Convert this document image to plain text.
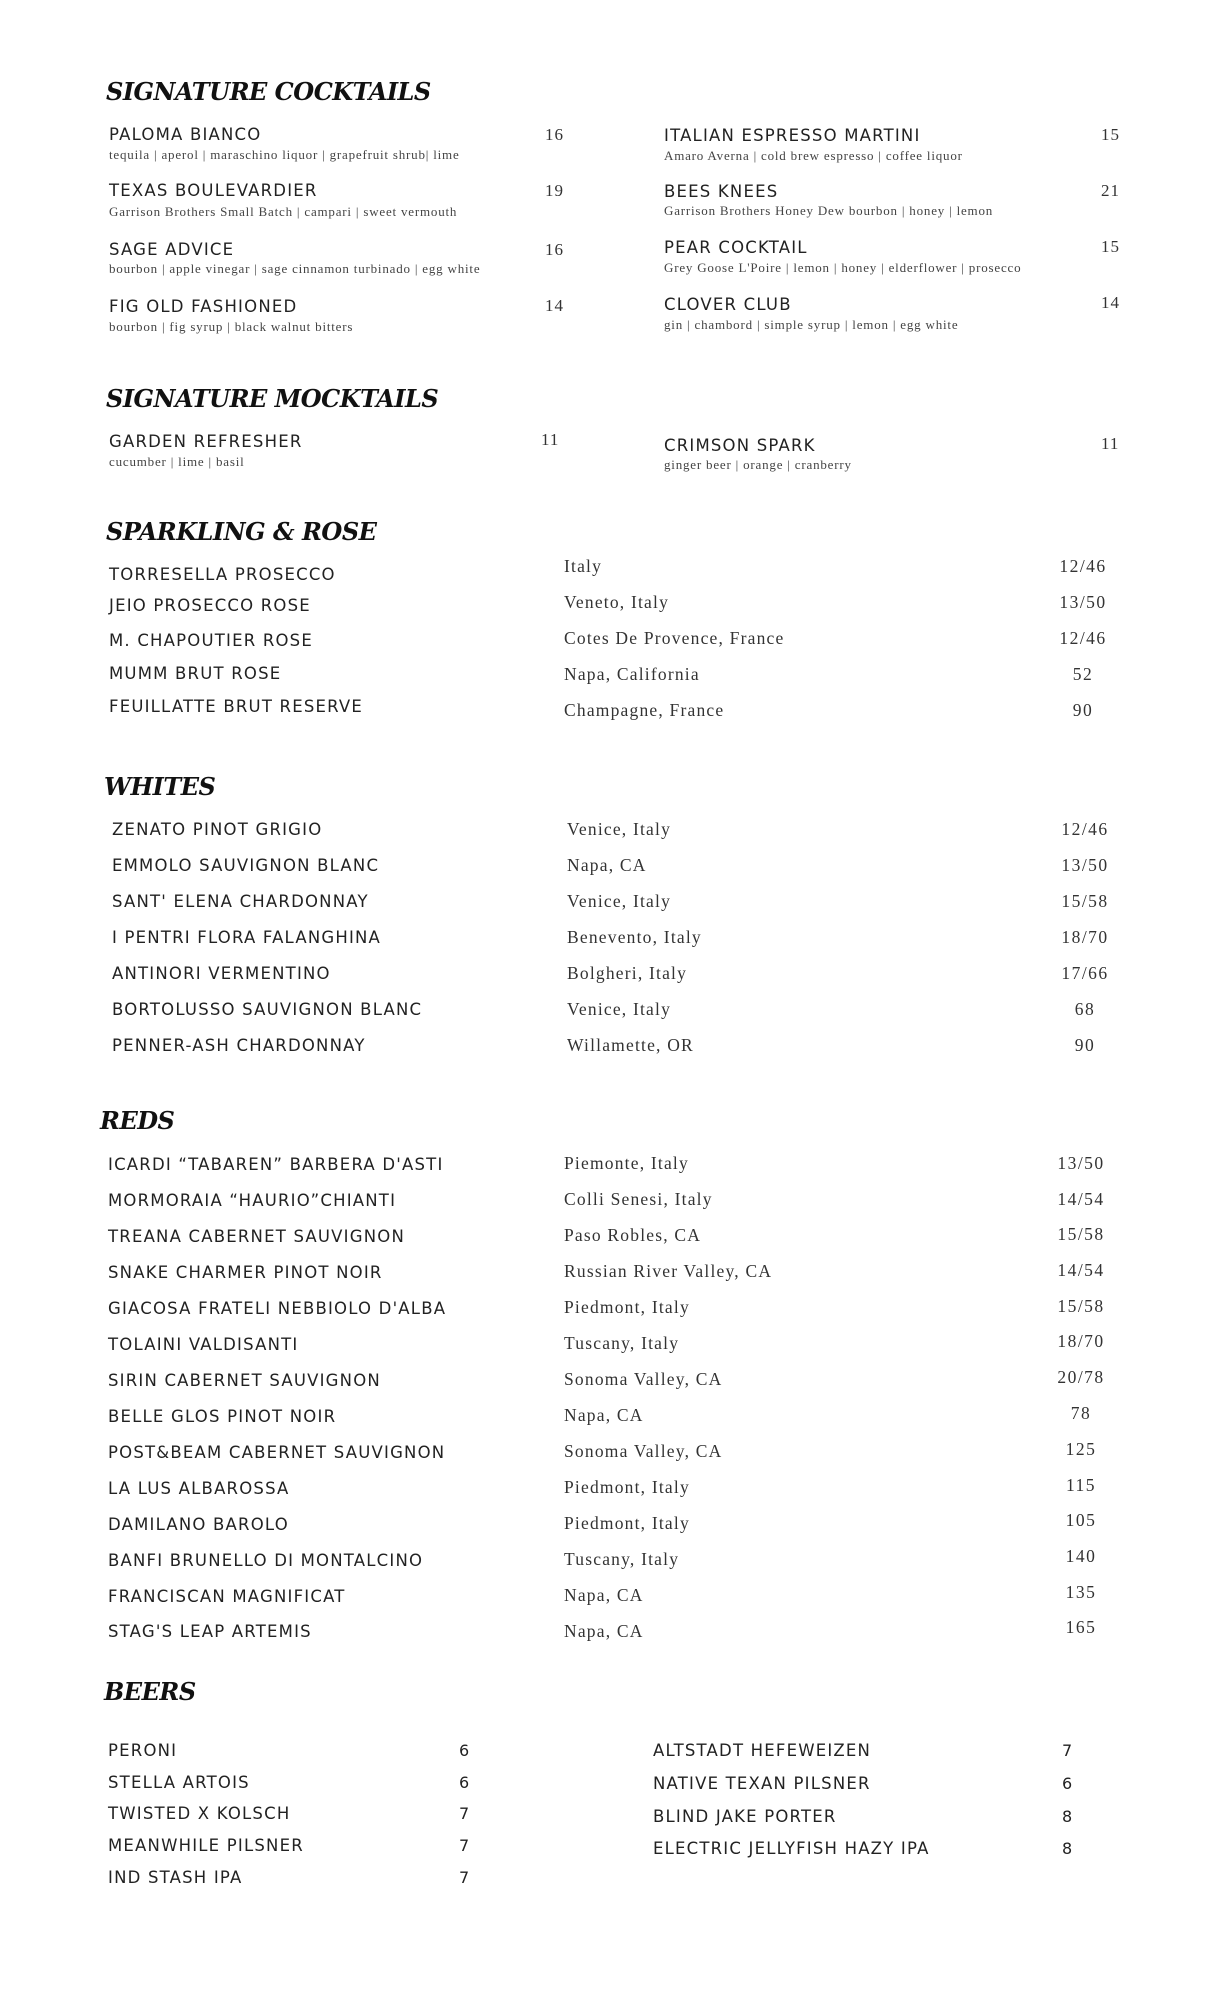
SIGNATURE COCKTAILS
PALOMA BIANCO
tequila | aperol | maraschino liquor | grapefruit shrub| lime
16
TEXAS BOULEVARDIER
Garrison Brothers Small Batch | campari | sweet vermouth
19
SAGE ADVICE
bourbon | apple vinegar | sage cinnamon turbinado | egg white
16
FIG OLD FASHIONED
bourbon | fig syrup | black walnut bitters
14
ITALIAN ESPRESSO MARTINI
Amaro Averna | cold brew espresso | coffee liquor
15
BEES KNEES
Garrison Brothers Honey Dew bourbon | honey | lemon
21
PEAR COCKTAIL
Grey Goose L'Poire | lemon | honey | elderflower | prosecco
15
CLOVER CLUB
gin | chambord | simple syrup | lemon | egg white
14
SIGNATURE MOCKTAILS
GARDEN REFRESHER
cucumber | lime | basil
11	CRIMSON SPARK
ginger beer | orange | cranberry
11
SPARKLING & ROSE
TORRESELLA PROSECCO	Italy	12/46
JEIO PROSECCO ROSE	Veneto, Italy	13/50
M. CHAPOUTIER ROSE	Cotes De Provence, France	12/46
MUMM BRUT ROSE	Napa, California	52
FEUILLATTE BRUT RESERVE	Champagne, France	90
WHITES
ZENATO PINOT GRIGIO	Venice, Italy	12/46
EMMOLO SAUVIGNON BLANC	Napa, CA	13/50
SANT' ELENA CHARDONNAY	Venice, Italy	15/58
I PENTRI FLORA FALANGHINA	Benevento, Italy	18/70
ANTINORI VERMENTINO	Bolgheri, Italy	17/66
BORTOLUSSO SAUVIGNON BLANC	Venice, Italy	68
PENNER-ASH CHARDONNAY	Willamette, OR	90
REDS
ICARDI “TABAREN” BARBERA D'ASTI	Piemonte, Italy	13/50
MORMORAIA “HAURIO”CHIANTI	Colli Senesi, Italy	14/54
TREANA CABERNET SAUVIGNON	Paso Robles, CA	15/58
SNAKE CHARMER PINOT NOIR	Russian River Valley, CA	14/54
GIACOSA FRATELI NEBBIOLO D'ALBA	Piedmont, Italy	15/58
TOLAINI VALDISANTI	Tuscany, Italy	18/70
SIRIN CABERNET SAUVIGNON	Sonoma Valley, CA	20/78
BELLE GLOS PINOT NOIR	Napa, CA	78
POST&BEAM CABERNET SAUVIGNON	Sonoma Valley, CA	125
LA LUS ALBAROSSA	Piedmont, Italy	115
DAMILANO BAROLO	Piedmont, Italy	105
BANFI BRUNELLO DI MONTALCINO	Tuscany, Italy	140
FRANCISCAN MAGNIFICAT	Napa, CA	135
STAG'S LEAP ARTEMIS	Napa, CA	165
BEERS
PERONI	6
STELLA ARTOIS	6
TWISTED X KOLSCH	7
MEANWHILE PILSNER	7
IND STASH IPA	7
ALTSTADT HEFEWEIZEN	7
NATIVE TEXAN PILSNER	6
BLIND JAKE PORTER	8
ELECTRIC JELLYFISH HAZY IPA	8
